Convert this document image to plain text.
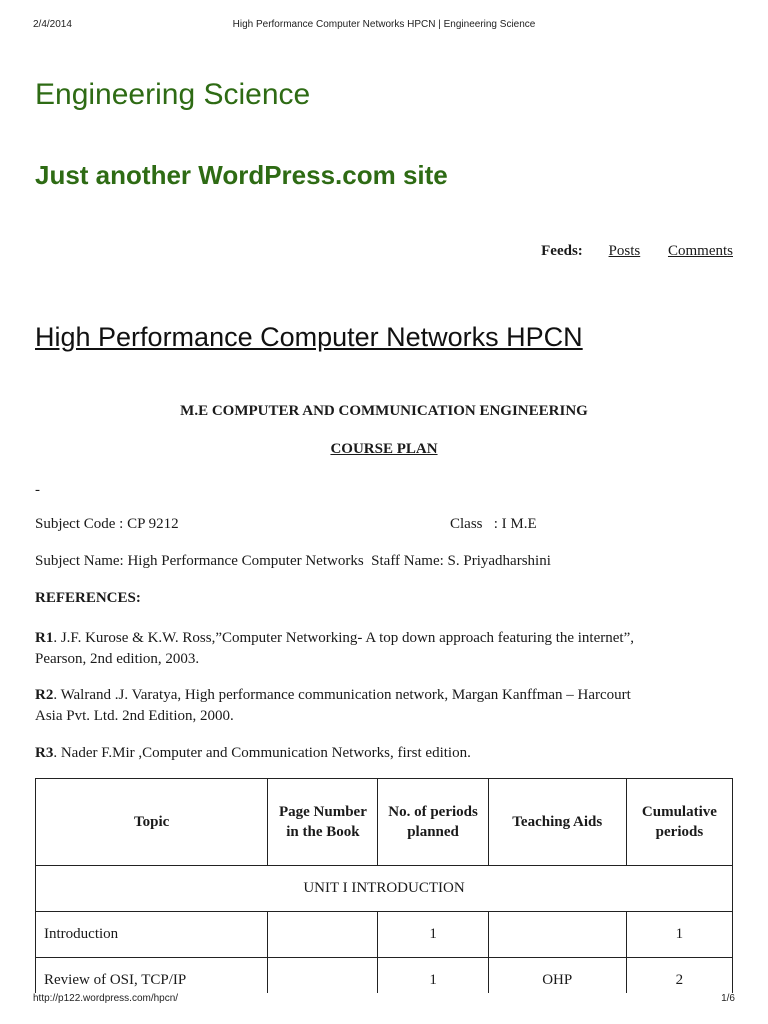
2/4/2014	High Performance Computer Networks HPCN | Engineering Science
Engineering Science
Just another WordPress.com site
Feeds: Posts Comments
High Performance Computer Networks HPCN
M.E COMPUTER AND COMMUNICATION ENGINEERING
COURSE PLAN
-
Subject Code : CP 9212	Class   : I M.E
Subject Name: High Performance Computer Networks  Staff Name: S. Priyadharshini
REFERENCES:
R1. J.F. Kurose & K.W. Ross,”Computer Networking- A top down approach featuring the internet”,
Pearson, 2nd edition, 2003.
R2. Walrand .J. Varatya, High performance communication network, Margan Kanffman – Harcourt
Asia Pvt. Ltd. 2nd Edition, 2000.
R3. Nader F.Mir ,Computer and Communication Networks, first edition.
Topic	Page Number in the Book	No. of periods planned	Teaching Aids	Cumulative periods
UNIT I INTRODUCTION				
Introduction		1		1
Review of OSI, TCP/IP		1	OHP	2
http://p122.wordpress.com/hpcn/	1/6
